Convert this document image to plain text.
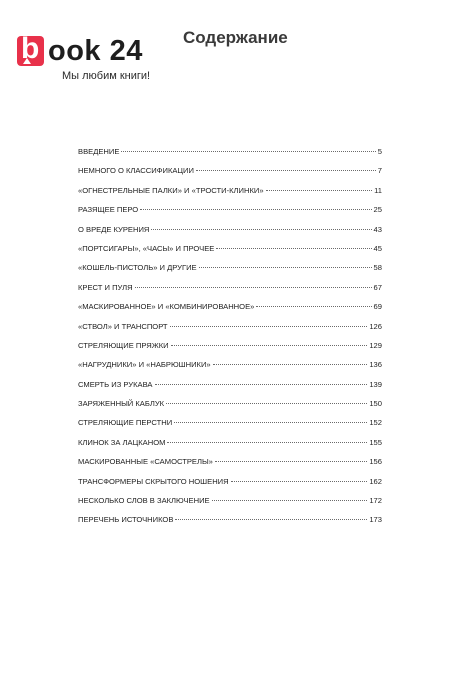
b ook 24
Мы любим книги!
Содержание
ВВЕДЕНИЕ	5
НЕМНОГО О КЛАССИФИКАЦИИ	7
«ОГНЕСТРЕЛЬНЫЕ ПАЛКИ» И «ТРОСТИ-КЛИНКИ»	11
РАЗЯЩЕЕ ПЕРО	25
О ВРЕДЕ КУРЕНИЯ	43
«ПОРТСИГАРЫ», «ЧАСЫ» И ПРОЧЕЕ	45
«КОШЕЛЬ-ПИСТОЛЬ» И ДРУГИЕ	58
КРЕСТ И ПУЛЯ	67
«МАСКИРОВАННОЕ» И «КОМБИНИРОВАННОЕ»	69
«СТВОЛ» И ТРАНСПОРТ	126
СТРЕЛЯЮЩИЕ ПРЯЖКИ	129
«НАГРУДНИКИ» И «НАБРЮШНИКИ»	136
СМЕРТЬ ИЗ РУКАВА	139
ЗАРЯЖЕННЫЙ КАБЛУК	150
СТРЕЛЯЮЩИЕ ПЕРСТНИ	152
КЛИНОК ЗА ЛАЦКАНОМ	155
МАСКИРОВАННЫЕ «САМОСТРЕЛЫ»	156
ТРАНСФОРМЕРЫ СКРЫТОГО НОШЕНИЯ	162
НЕСКОЛЬКО СЛОВ В ЗАКЛЮЧЕНИЕ	172
ПЕРЕЧЕНЬ ИСТОЧНИКОВ	173
